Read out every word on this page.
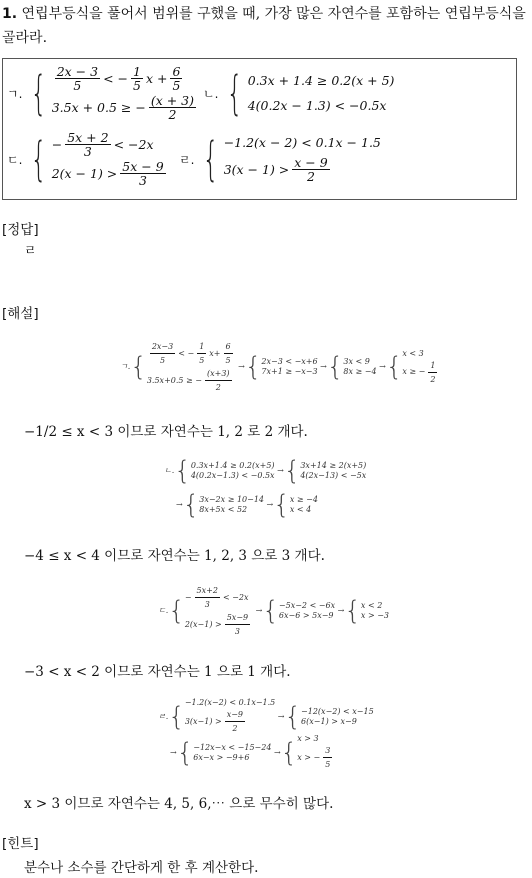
1. 연립부등식을 풀어서 범위를 구했을 때, 가장 많은 자연수를 포함하는 연립부등식을 골라라.
ㄱ. { $\frac{2x - 3}{5}$ < − $\frac{1}{5}$ $x + \frac{6}{5}$
3.5x + 0.5 ≥ − $\frac{(x + 3)}{2}$
ㄴ. { 0.3x + 1.4 ≥ 0.2(x + 5)
4(0.2x − 1.3) < −0.5x
ㄷ. { − $\frac{5x + 2}{3} < -2x$
$2(x - 1) > \frac{5x - 9}{3}$
ㄹ. { −1.2(x − 2) < 0.1x − 1.5
$3(x - 1) > \frac{x - 9}{2}$
[정답]
ㄹ
[해설]
ㄱ. { $\frac{2x-3}{5}$ < − $\frac{1}{5} x+ \frac{6}{5}$
3.5x+0.5 ≥ − $\frac{(x+3)}{2}$
→ { 2x−3 < −x+6
7x+1 ≥ −x−3
→ { 3x < 9
8x ≥ −4
→ { x < 3
x ≥ − $\frac{1}{2}$
−1/2 ≤ x < 3 이므로 자연수는 1, 2 로 2 개다.
ㄴ. { 0.3x+1.4 ≥ 0.2(x+5)
4(0.2x−1.3) < −0.5x
→ { 3x+14 ≥ 2(x+5)
4(2x−13) < −5x
→ { 3x−2x ≥ 10−14
8x+5x < 52
→ { x ≥ −4
x < 4
−4 ≤ x < 4 이므로 자연수는 1, 2, 3 으로 3 개다.
ㄷ. { − $\frac{5x+2}{3} < -2x$
$2(x-1) > \frac{5x-9}{3}$
→ { −5x−2 < −6x
6x−6 > 5x−9
→ { x < 2
x > −3
−3 < x < 2 이므로 자연수는 1 으로 1 개다.
ㄹ. { −1.2(x−2) < 0.1x−1.5
$3(x-1) > \frac{x-9}{2}$	→ { −12(x−2) < x−15
6(x−1) > x−9
→ { −12x−x < −15−24
6x−x > −9+6
→ { x > 3
x > − $\frac{3}{5}$
x > 3 이므로 자연수는 4, 5, 6,⋯ 으로 무수히 많다.
[힌트]
분수나 소수를 간단하게 한 후 계산한다.
